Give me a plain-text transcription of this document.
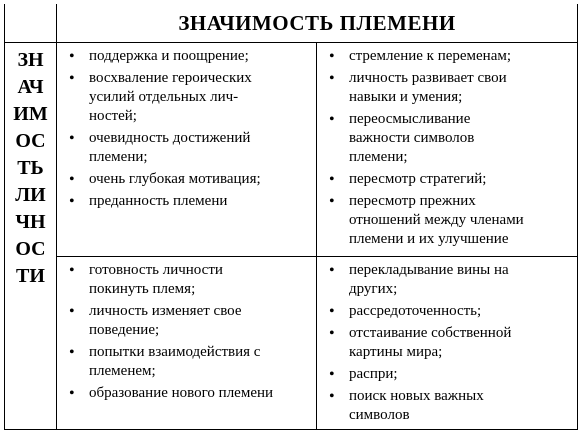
ЗНАЧИМОСТЬ ПЛЕМЕНИ
ЗН
АЧ
ИМ
ОС
ТЬ
ЛИ
ЧН
ОС
ТИ
• поддержка и поощрение;
• восхваление героических
усилий отдельных лич-
ностей;
• очевидность достижений
племени;
• очень глубокая мотивация;
• преданность племени
• стремление к переменам;
• личность развивает свои
навыки и умения;
• переосмысливание
важности символов
племени;
• пересмотр стратегий;
• пересмотр прежних
отношений между членами
племени и их улучшение
• готовность личности
покинуть племя;
• личность изменяет свое
поведение;
• попытки взаимодействия с
племенем;
• образование нового племени
• перекладывание вины на
других;
• рассредоточенность;
• отстаивание собственной
картины мира;
• распри;
• поиск новых важных
символов
